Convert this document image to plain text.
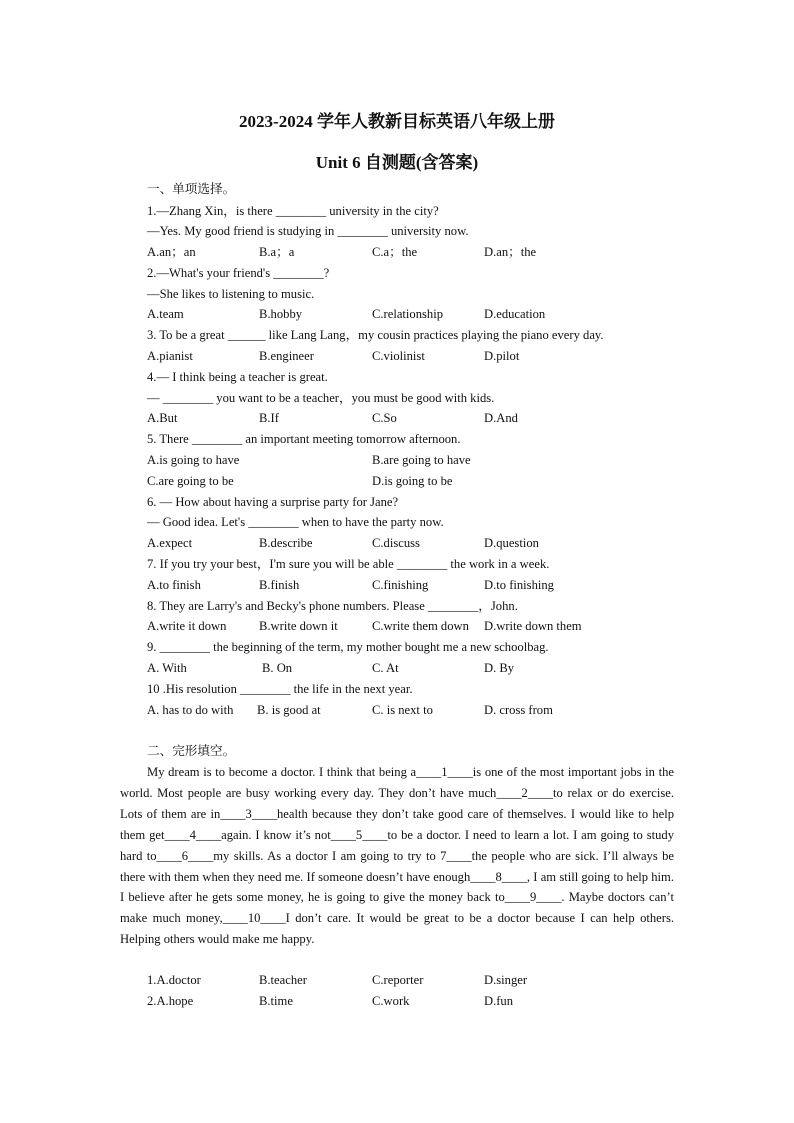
2023-2024 学年人教新目标英语八年级上册
Unit 6 自测题(含答案)
一、单项选择。
1.—Zhang Xin，is there ________ university in the city?
—Yes. My good friend is studying in ________ university now.
A.an；an	B.a；a	C.a；the	D.an；the
2.—What's your friend's ________?
—She likes to listening to music.
A.team	B.hobby	C.relationship	D.education
3. To be a great ______ like Lang Lang，my cousin practices playing the piano every day.
A.pianist	B.engineer	C.violinist	D.pilot
4.— I think being a teacher is great.
— ________ you want to be a teacher，you must be good with kids.
A.But	B.If	C.So	D.And
5. There ________ an important meeting tomorrow afternoon.
A.is going to have	B.are going to have
C.are going to be	D.is going to be
6. — How about having a surprise party for Jane?
— Good idea. Let's ________ when to have the party now.
A.expect	B.describe	C.discuss	D.question
7. If you try your best，I'm sure you will be able ________ the work in a week.
A.to finish	B.finish	C.finishing	D.to finishing
8. They are Larry's and Becky's phone numbers. Please ________，John.
A.write it down	B.write down it	C.write them down D.write down them
9. ________ the beginning of the term, my mother bought me a new schoolbag.
A. With	B. On	C. At	D. By
10 .His resolution ________ the life in the next year.
A. has to do with B. is good at	C. is next to	D. cross from
二、完形填空。
My dream is to become a doctor. I think that being a____1____is one of the most important jobs in the world. Most people are busy working every day. They don’t have much____2____to relax or do exercise. Lots of them are in____3____health because they don’t take good care of themselves. I would like to help them get____4____again. I know it’s not____5____to be a doctor. I need to learn a lot. I am going to study hard to____6____my skills. As a doctor I am going to try to 7____the people who are sick. I’ll always be there with them when they need me. If someone doesn’t have enough____8____, I am still going to help him. I believe after he gets some money, he is going to give the money back to____9____. Maybe doctors can’t make much money,____10____I don’t care. It would be great to be a doctor because I can help others. Helping others would make me happy.
1.A.doctor	B.teacher	C.reporter	D.singer
2.A.hope	B.time	C.work	D.fun
